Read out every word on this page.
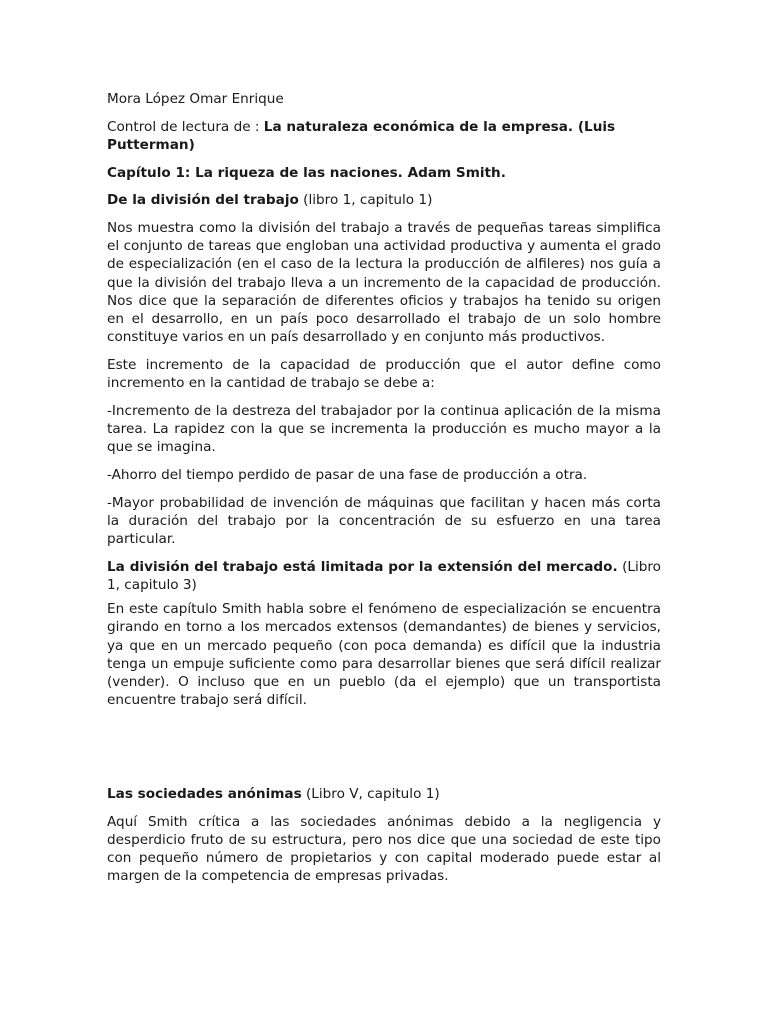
Mora López Omar Enrique

Control de lectura de : La naturaleza económica de la empresa. (Luis Putterman)

Capítulo 1: La riqueza de las naciones. Adam Smith.

De la división del trabajo (libro 1, capitulo 1)

Nos muestra como la división del trabajo a través de pequeñas tareas simplifica el conjunto de tareas que engloban una actividad productiva y aumenta el grado de especialización (en el caso de la lectura la producción de alfileres) nos guía a que la división del trabajo lleva a un incremento de la capacidad de producción. Nos dice que la separación de diferentes oficios y trabajos ha tenido su origen en el desarrollo, en un país poco desarrollado el trabajo de un solo hombre constituye varios en un país desarrollado y en conjunto más productivos.

Este incremento de la capacidad de producción que el autor define como incremento en la cantidad de trabajo se debe a:

-Incremento de la destreza del trabajador por la continua aplicación de la misma tarea. La rapidez con la que se incrementa la producción es mucho mayor a la que se imagina.

-Ahorro del tiempo perdido de pasar de una fase de producción a otra.

-Mayor probabilidad de invención de máquinas que facilitan y hacen más corta la duración del trabajo por la concentración de su esfuerzo en una tarea particular.

La división del trabajo está limitada por la extensión del mercado. (Libro 1, capitulo 3)

En este capítulo Smith habla sobre el fenómeno de especialización se encuentra girando en torno a los mercados extensos (demandantes) de bienes y servicios, ya que en un mercado pequeño (con poca demanda) es difícil que la industria tenga un empuje suficiente como para desarrollar bienes que será difícil realizar (vender). O incluso que en un pueblo (da el ejemplo) que un transportista encuentre trabajo será difícil.

Las sociedades anónimas (Libro V, capitulo 1)

Aquí Smith crítica a las sociedades anónimas debido a la negligencia y desperdicio fruto de su estructura, pero nos dice que una sociedad de este tipo con pequeño número de propietarios y con capital moderado puede estar al margen de la competencia de empresas privadas.
